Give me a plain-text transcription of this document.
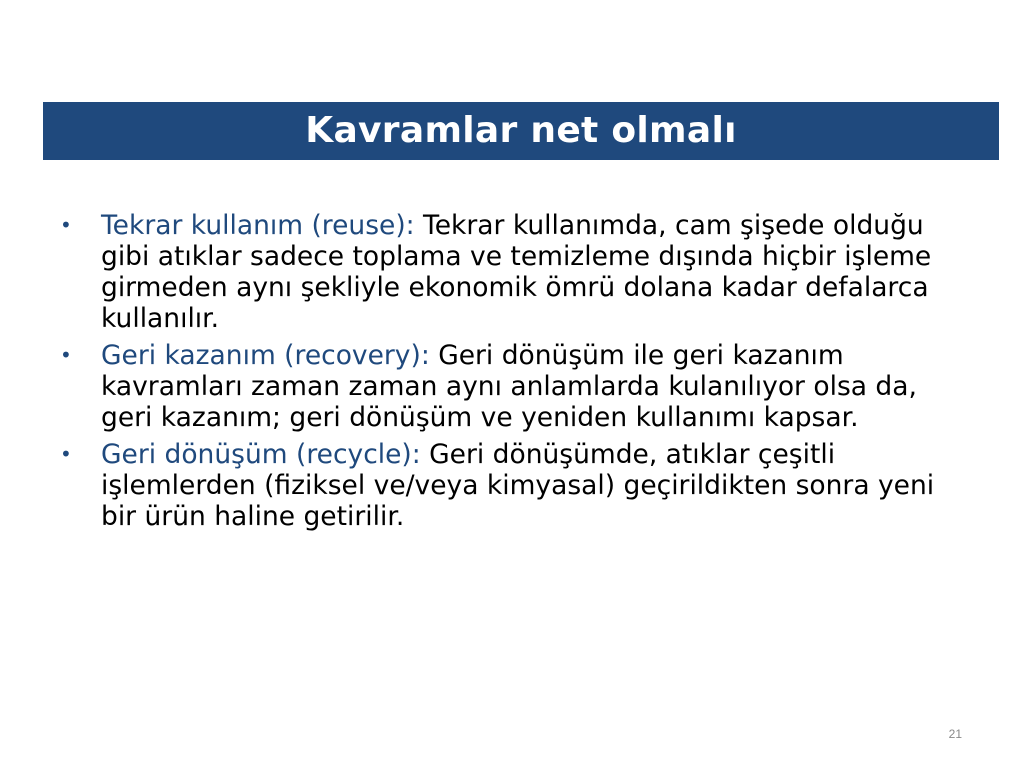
Kavramlar net olmalı
•	Tekrar kullanım (reuse): Tekrar kullanımda, cam şişede olduğu gibi atıklar sadece toplama ve temizleme dışında hiçbir işleme girmeden aynı şekliyle ekonomik ömrü dolana kadar defalarca kullanılır.
•	Geri kazanım (recovery): Geri dönüşüm ile geri kazanım kavramları zaman zaman aynı anlamlarda kulanılıyor olsa da, geri kazanım; geri dönüşüm ve yeniden kullanımı kapsar.
•	Geri dönüşüm (recycle): Geri dönüşümde, atıklar çeşitli işlemlerden (fiziksel ve/veya kimyasal) geçirildikten sonra yeni bir ürün haline getirilir.
21
